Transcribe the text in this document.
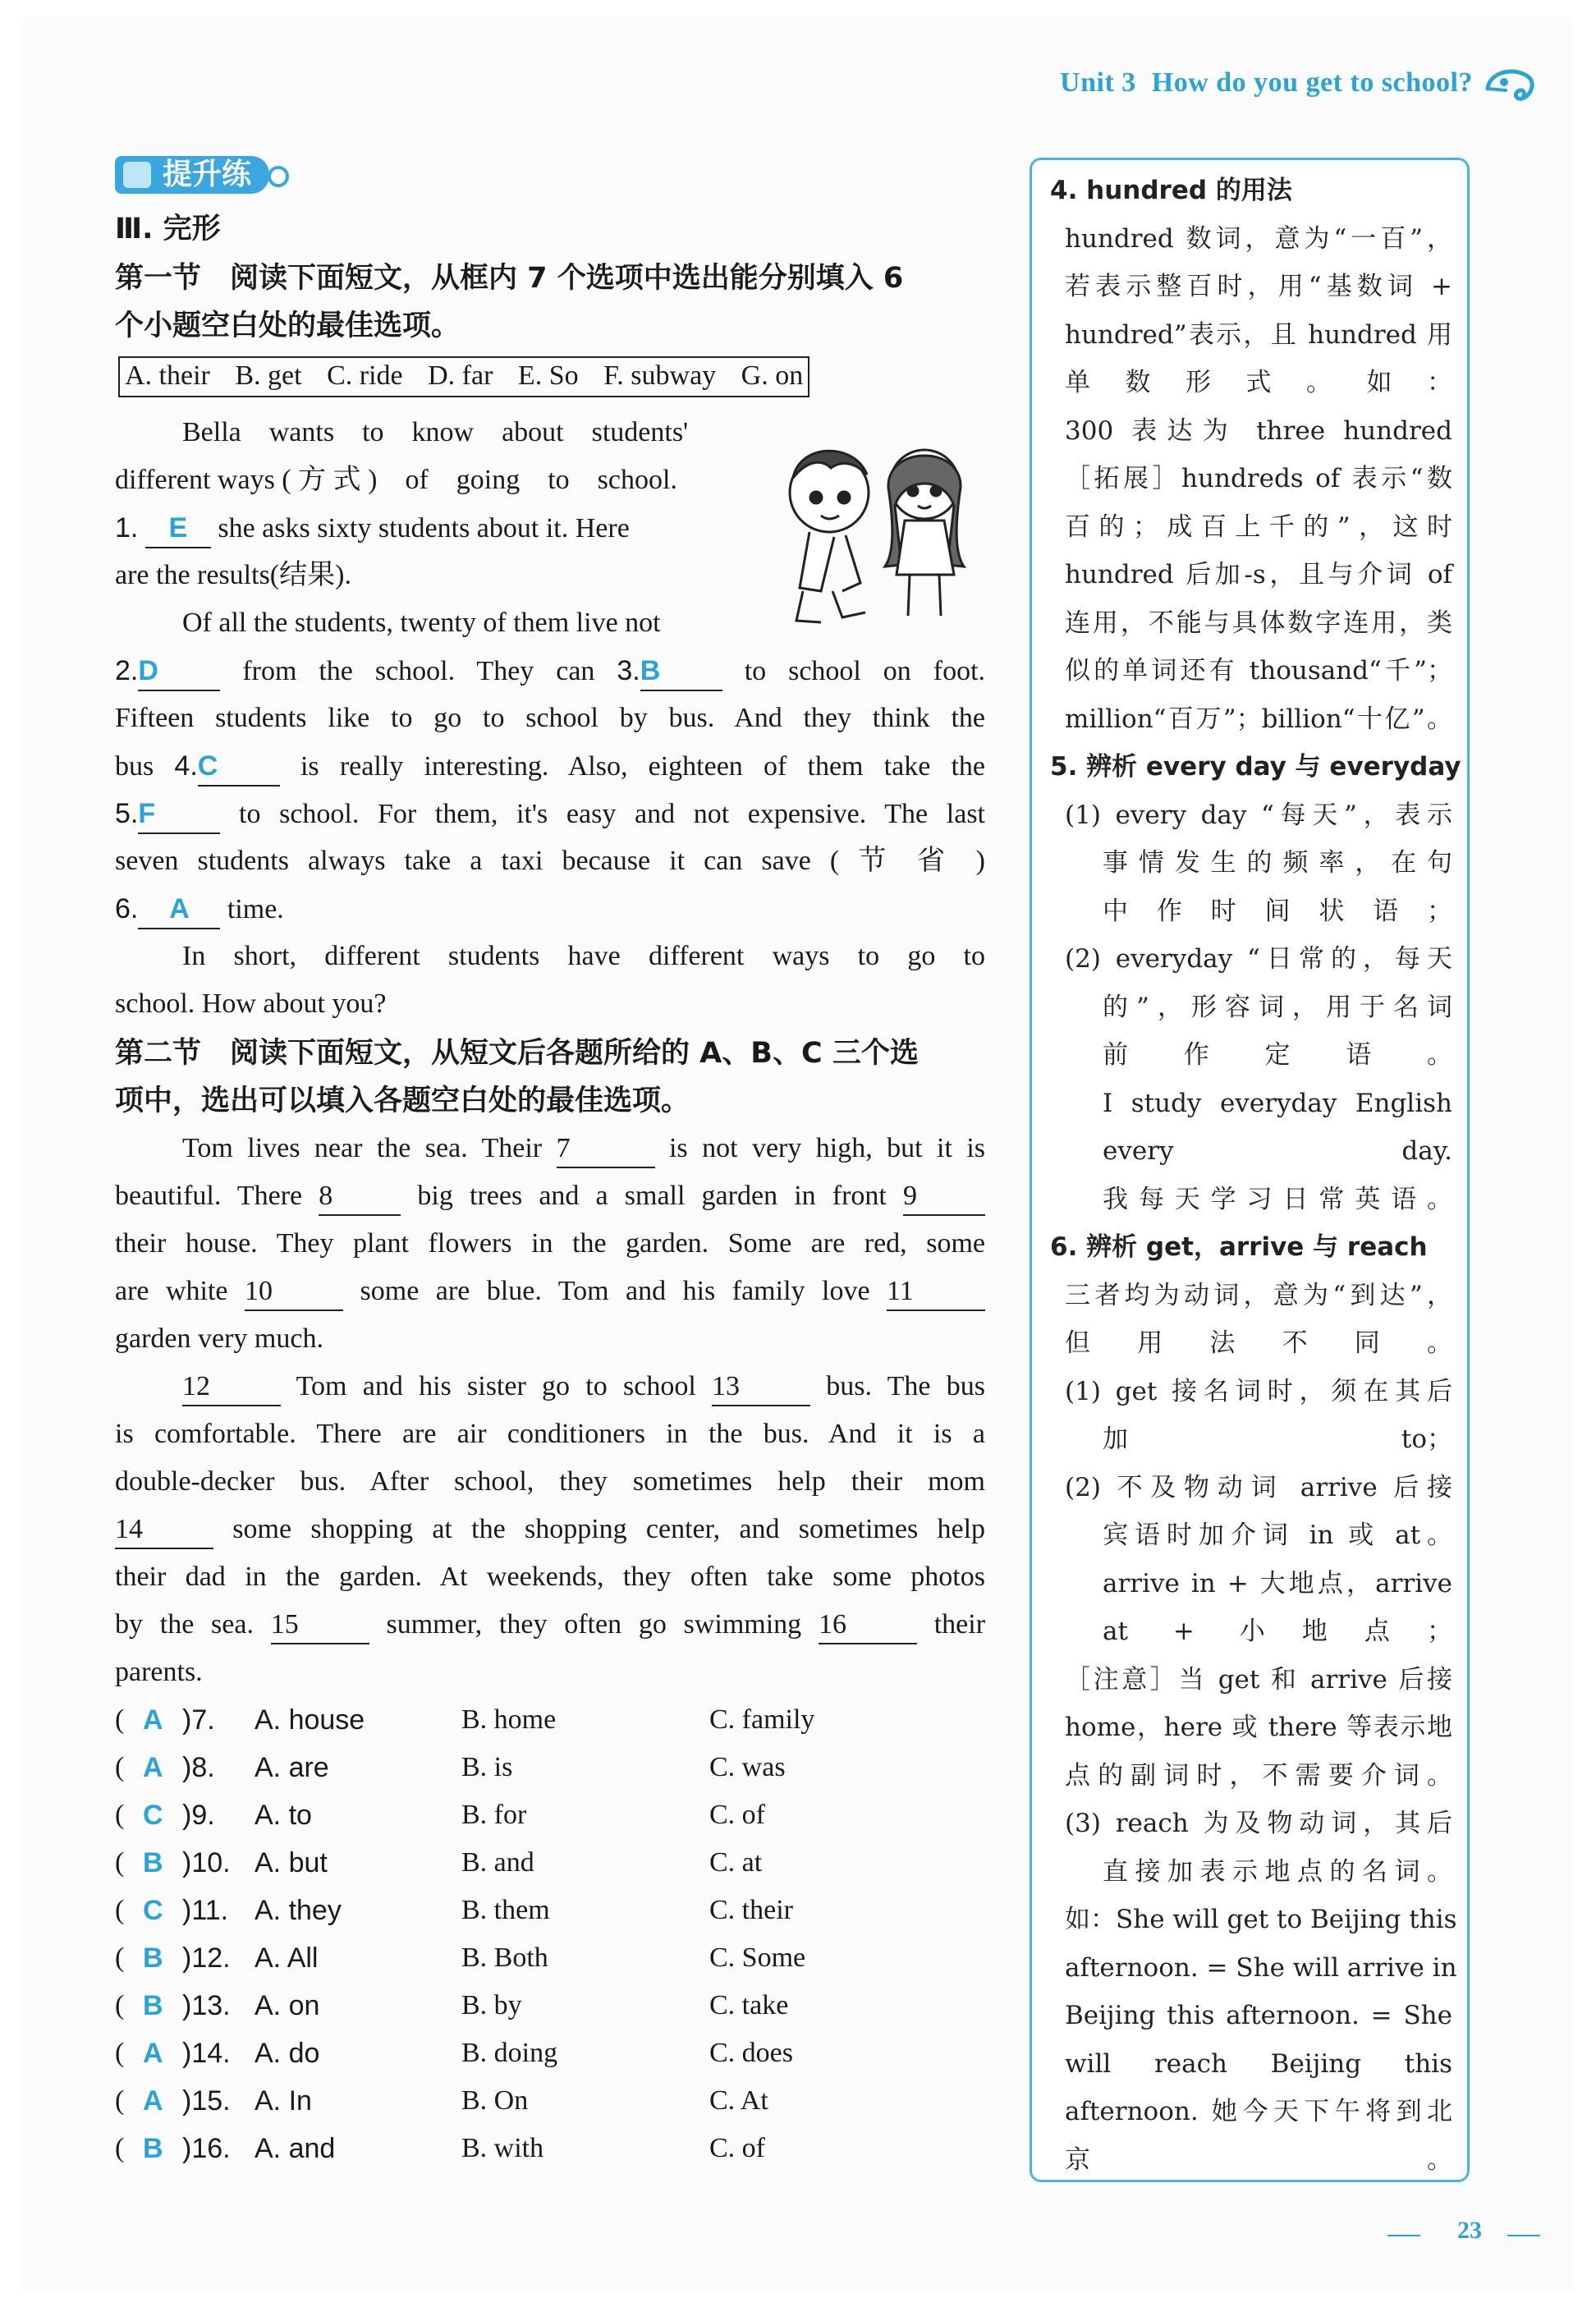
Unit 3 How do you get to school?
提升练
Ⅲ. 完形
第一节　阅读下面短文，从框内 7 个选项中选出能分别填入 6
个小题空白处的最佳选项。
A. their B. get C. ride D. far E. So F. subway G. on
Bella　wants　to　know　about　students'
different ways ( 方 式 )　of　going　to　school.
1. E she asks sixty students about it. Here
are the results(结果).
Of all the students, twenty of them live not
2.D	from the school. They can 3.B	to school on foot.
Fifteen students like to go to school by bus. And they think the
bus 4.C	is really interesting. Also, eighteen of them take the
5.F	to school. For them, it's easy and not expensive. The last
seven students always take a taxi because it can save ( 节 省 )
6. A time.
In short, different students have different ways to go to
school. How about you?
第二节　阅读下面短文，从短文后各题所给的 A、B、C 三个选
项中，选出可以填入各题空白处的最佳选项。
Tom lives near the sea. Their 7	is not very high, but it is
beautiful. There 8	big trees and a small garden in front 9
their house. They plant flowers in the garden. Some are red, some
are white 10	some are blue. Tom and his family love 11
garden very much.
12	Tom and his sister go to school 13	bus. The bus
is comfortable. There are air conditioners in the bus. And it is a
double-decker bus. After school, they sometimes help their mom
14	some shopping at the shopping center, and sometimes help
their dad in the garden. At weekends, they often take some photos
by the sea. 15	summer, they often go swimming 16	their
parents.
( A )7. A. house	B. home	C. family
( A )8. A. are	B. is	C. was
( C )9. A. to	B. for	C. of
( B )10. A. but	B. and	C. at
( C )11. A. they	B. them	C. their
( B )12. A. All	B. Both	C. Some
( B )13. A. on	B. by	C. take
( A )14. A. do	B. doing	C. does
( A )15. A. In	B. On	C. At
( B )16. A. and	B. with	C. of
4. hundred 的用法
hundred 数词，意为“一百”，
若表示整百时，用“基数词 +
hundred”表示，且 hundred 用
单数形式。如：
300 表达为 three hundred
［拓展］hundreds of 表示“数
百的；成百上千的”，这时
hundred 后加-s，且与介词 of
连用，不能与具体数字连用，类
似的单词还有 thousand“千”；
million“百万”；billion“十亿”。
5. 辨析 every day 与 everyday
(1) every day “每天”，表示
事情发生的频率，在句
中作时间状语；
(2) everyday “日常的，每天
的”，形容词，用于名词
前作定语。
I study everyday English
every day.
我每天学习日常英语。
6. 辨析 get，arrive 与 reach
三者均为动词，意为“到达”，
但用法不同。
(1) get 接名词时，须在其后
加 to；
(2) 不及物动词 arrive 后接
宾语时加介词 in 或 at。
arrive in + 大地点，arrive
at + 小地点；
［注意］当 get 和 arrive 后接
home，here 或 there 等表示地
点的副词时，不需要介词。
(3) reach 为及物动词，其后
直接加表示地点的名词。
如：She will get to Beijing this
afternoon. = She will arrive in
Beijing this afternoon. = She
will reach Beijing this
afternoon. 她今天下午将到北
京。
23
